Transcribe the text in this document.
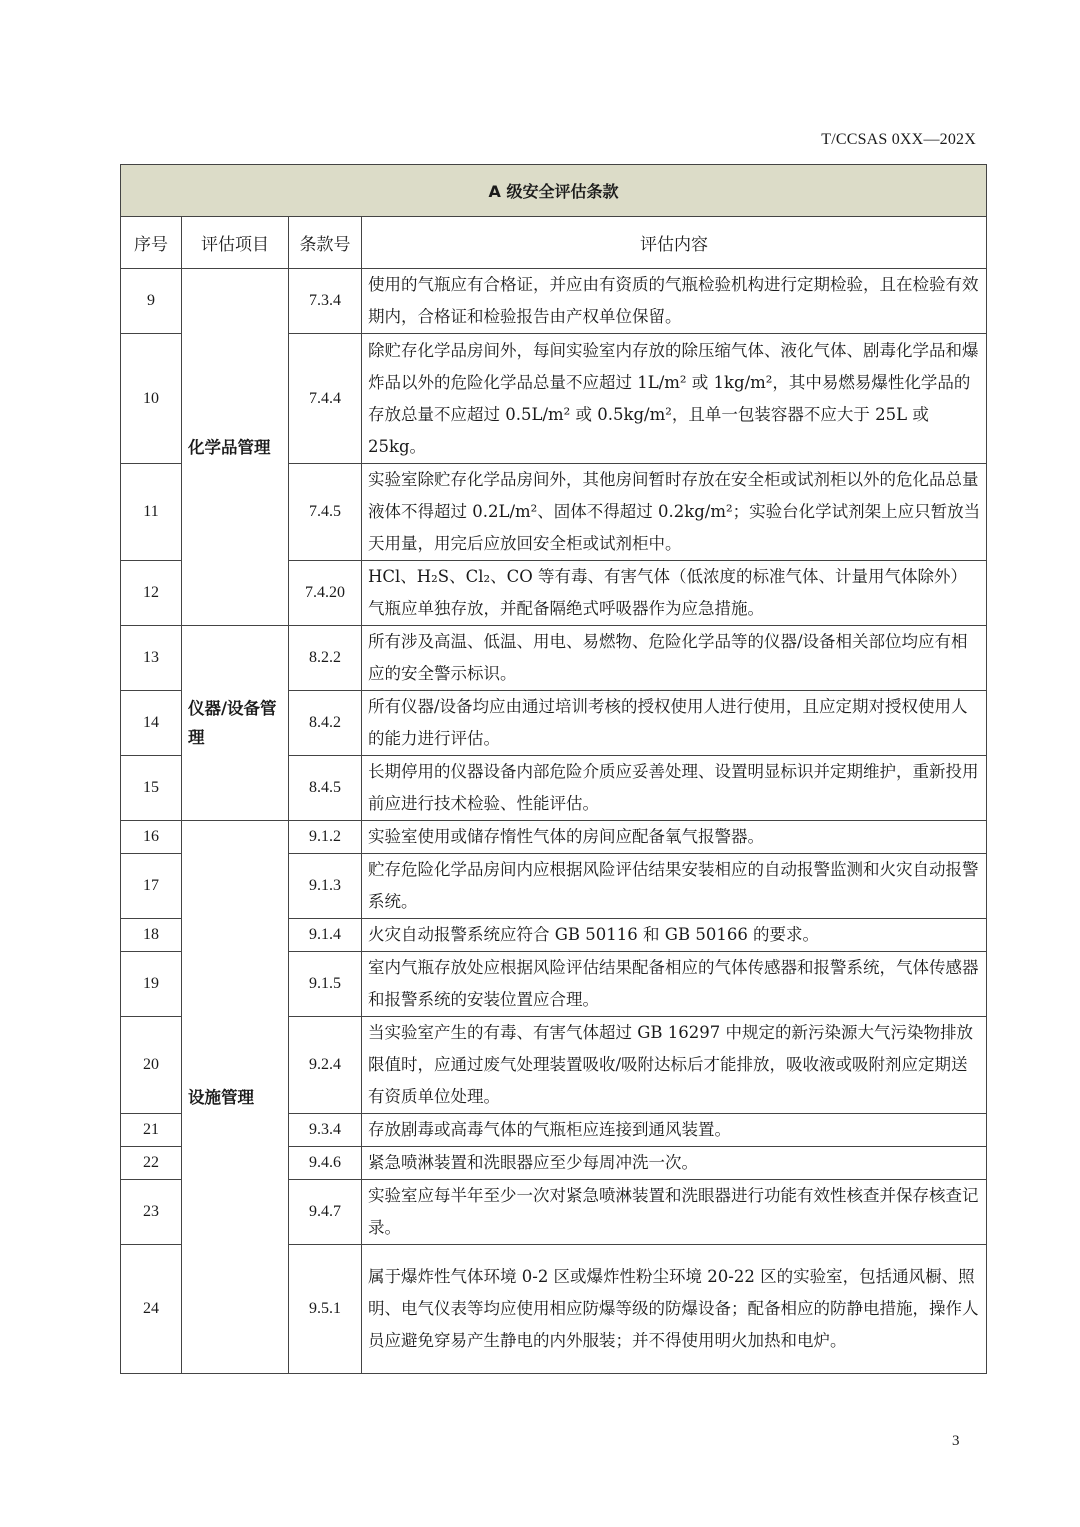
T/CCSAS 0XX—202X
A 级安全评估条款			
序号	评估项目	条款号	评估内容
9	化学品管理	7.3.4	使用的气瓶应有合格证，并应由有资质的气瓶检验机构进行定期检验，且在检验有效期内，合格证和检验报告由产权单位保留。
10		7.4.4	除贮存化学品房间外，每间实验室内存放的除压缩气体、液化气体、剧毒化学品和爆炸品以外的危险化学品总量不应超过 1L/m² 或 1kg/m²，其中易燃易爆性化学品的存放总量不应超过 0.5L/m² 或 0.5kg/m²，且单一包装容器不应大于 25L 或 25kg。
11		7.4.5	实验室除贮存化学品房间外，其他房间暂时存放在安全柜或试剂柜以外的危化品总量液体不得超过 0.2L/m²、固体不得超过 0.2kg/m²；实验台化学试剂架上应只暂放当天用量，用完后应放回安全柜或试剂柜中。
12		7.4.20	HCl、H₂S、Cl₂、CO 等有毒、有害气体（低浓度的标准气体、计量用气体除外）气瓶应单独存放，并配备隔绝式呼吸器作为应急措施。
13	仪器/设备管理	8.2.2	所有涉及高温、低温、用电、易燃物、危险化学品等的仪器/设备相关部位均应有相应的安全警示标识。
14		8.4.2	所有仪器/设备均应由通过培训考核的授权使用人进行使用，且应定期对授权使用人的能力进行评估。
15		8.4.5	长期停用的仪器设备内部危险介质应妥善处理、设置明显标识并定期维护，重新投用前应进行技术检验、性能评估。
16	设施管理	9.1.2	实验室使用或储存惰性气体的房间应配备氧气报警器。
17		9.1.3	贮存危险化学品房间内应根据风险评估结果安装相应的自动报警监测和火灾自动报警系统。
18		9.1.4	火灾自动报警系统应符合 GB 50116 和 GB 50166 的要求。
19		9.1.5	室内气瓶存放处应根据风险评估结果配备相应的气体传感器和报警系统，气体传感器和报警系统的安装位置应合理。
20		9.2.4	当实验室产生的有毒、有害气体超过 GB 16297 中规定的新污染源大气污染物排放限值时，应通过废气处理装置吸收/吸附达标后才能排放，吸收液或吸附剂应定期送有资质单位处理。
21		9.3.4	存放剧毒或高毒气体的气瓶柜应连接到通风装置。
22		9.4.6	紧急喷淋装置和洗眼器应至少每周冲洗一次。
23		9.4.7	实验室应每半年至少一次对紧急喷淋装置和洗眼器进行功能有效性核查并保存核查记录。
24		9.5.1	属于爆炸性气体环境 0-2 区或爆炸性粉尘环境 20-22 区的实验室，包括通风橱、照明、电气仪表等均应使用相应防爆等级的防爆设备；配备相应的防静电措施，操作人员应避免穿易产生静电的内外服装；并不得使用明火加热和电炉。
3
